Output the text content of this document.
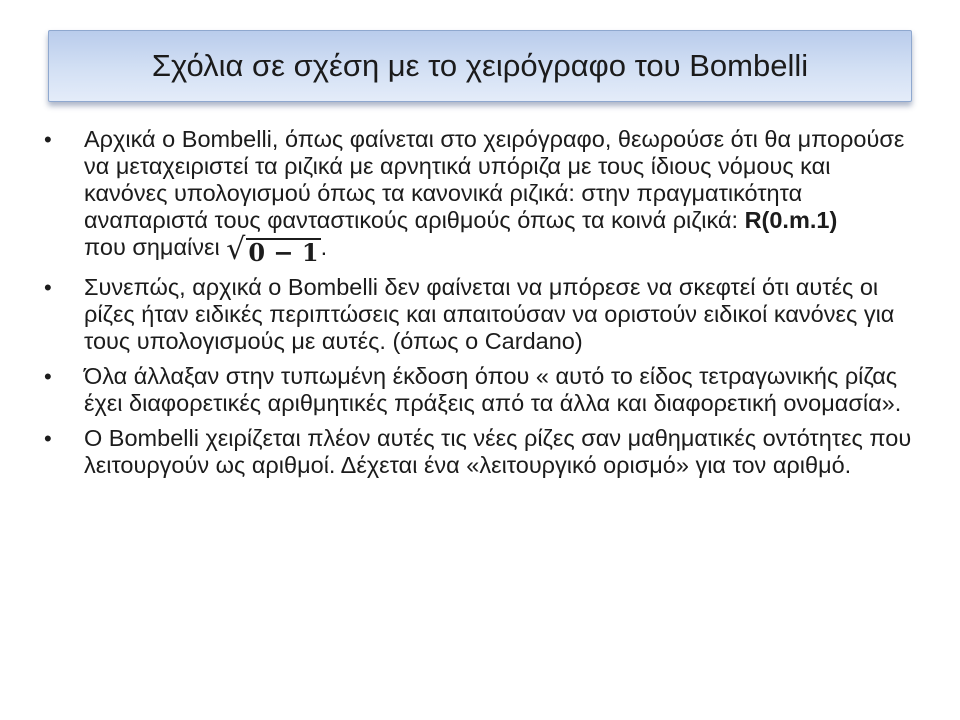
Σχόλια σε σχέση με το χειρόγραφο του Bombelli
• Αρχικά ο Bombelli, όπως φαίνεται στο χειρόγραφο, θεωρούσε ότι θα μπορούσε να μεταχειριστεί τα ριζικά με αρνητικά υπόριζα με τους ίδιους νόμους και κανόνες υπολογισμού όπως τα κανονικά ριζικά: στην πραγματικότητα αναπαριστά τους φανταστικούς αριθμούς όπως τα κοινά ριζικά: R(0.m.1)
που σημαίνει √ 𝟎 − 𝟏 .
• Συνεπώς, αρχικά ο Bombelli δεν φαίνεται να μπόρεσε να σκεφτεί ότι αυτές οι ρίζες ήταν ειδικές περιπτώσεις και απαιτούσαν να οριστούν ειδικοί κανόνες για τους υπολογισμούς με αυτές. (όπως ο Cardano)
• Όλα άλλαξαν στην τυπωμένη έκδοση όπου « αυτό το είδος τετραγωνικής ρίζας έχει διαφορετικές αριθμητικές πράξεις από τα άλλα και διαφορετική ονομασία».
• O Bombelli χειρίζεται πλέον αυτές τις νέες ρίζες σαν μαθηματικές οντότητες που λειτουργούν ως αριθμοί. Δέχεται ένα «λειτουργικό ορισμό» για τον αριθμό.
